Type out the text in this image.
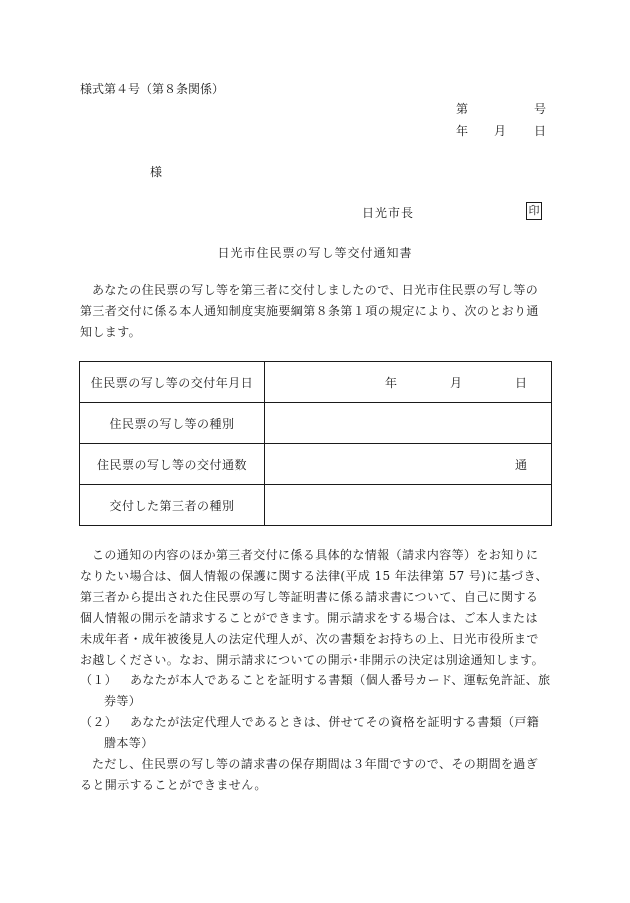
様式第４号（第８条関係）
第	号
年 月 日
様
日光市長	印
日光市住民票の写し等交付通知書
あなたの住民票の写し等を第三者に交付しましたので、日光市住民票の写し等の
第三者交付に係る本人通知制度実施要綱第８条第１項の規定により、次のとおり通
知します。
住民票の写し等の交付年月日	年 月 日

住民票の写し等の種別	
住民票の写し等の交付通数	通

交付した第三者の種別	
この通知の内容のほか第三者交付に係る具体的な情報（請求内容等）をお知りに
なりたい場合は、個人情報の保護に関する法律(平成 15 年法律第 57 号)に基づき、
第三者から提出された住民票の写し等証明書に係る請求書について、自己に関する
個人情報の開示を請求することができます。開示請求をする場合は、ご本人または
未成年者・成年被後見人の法定代理人が、次の書類をお持ちの上、日光市役所まで
お越しください。なお、開示請求についての開示･非開示の決定は別途通知します。
（１） あなたが本人であることを証明する書類（個人番号カード、運転免許証、旅
券等）
（２） あなたが法定代理人であるときは、併せてその資格を証明する書類（戸籍
謄本等）
ただし、住民票の写し等の請求書の保存期間は３年間ですので、その期間を過ぎ
ると開示することができません。
